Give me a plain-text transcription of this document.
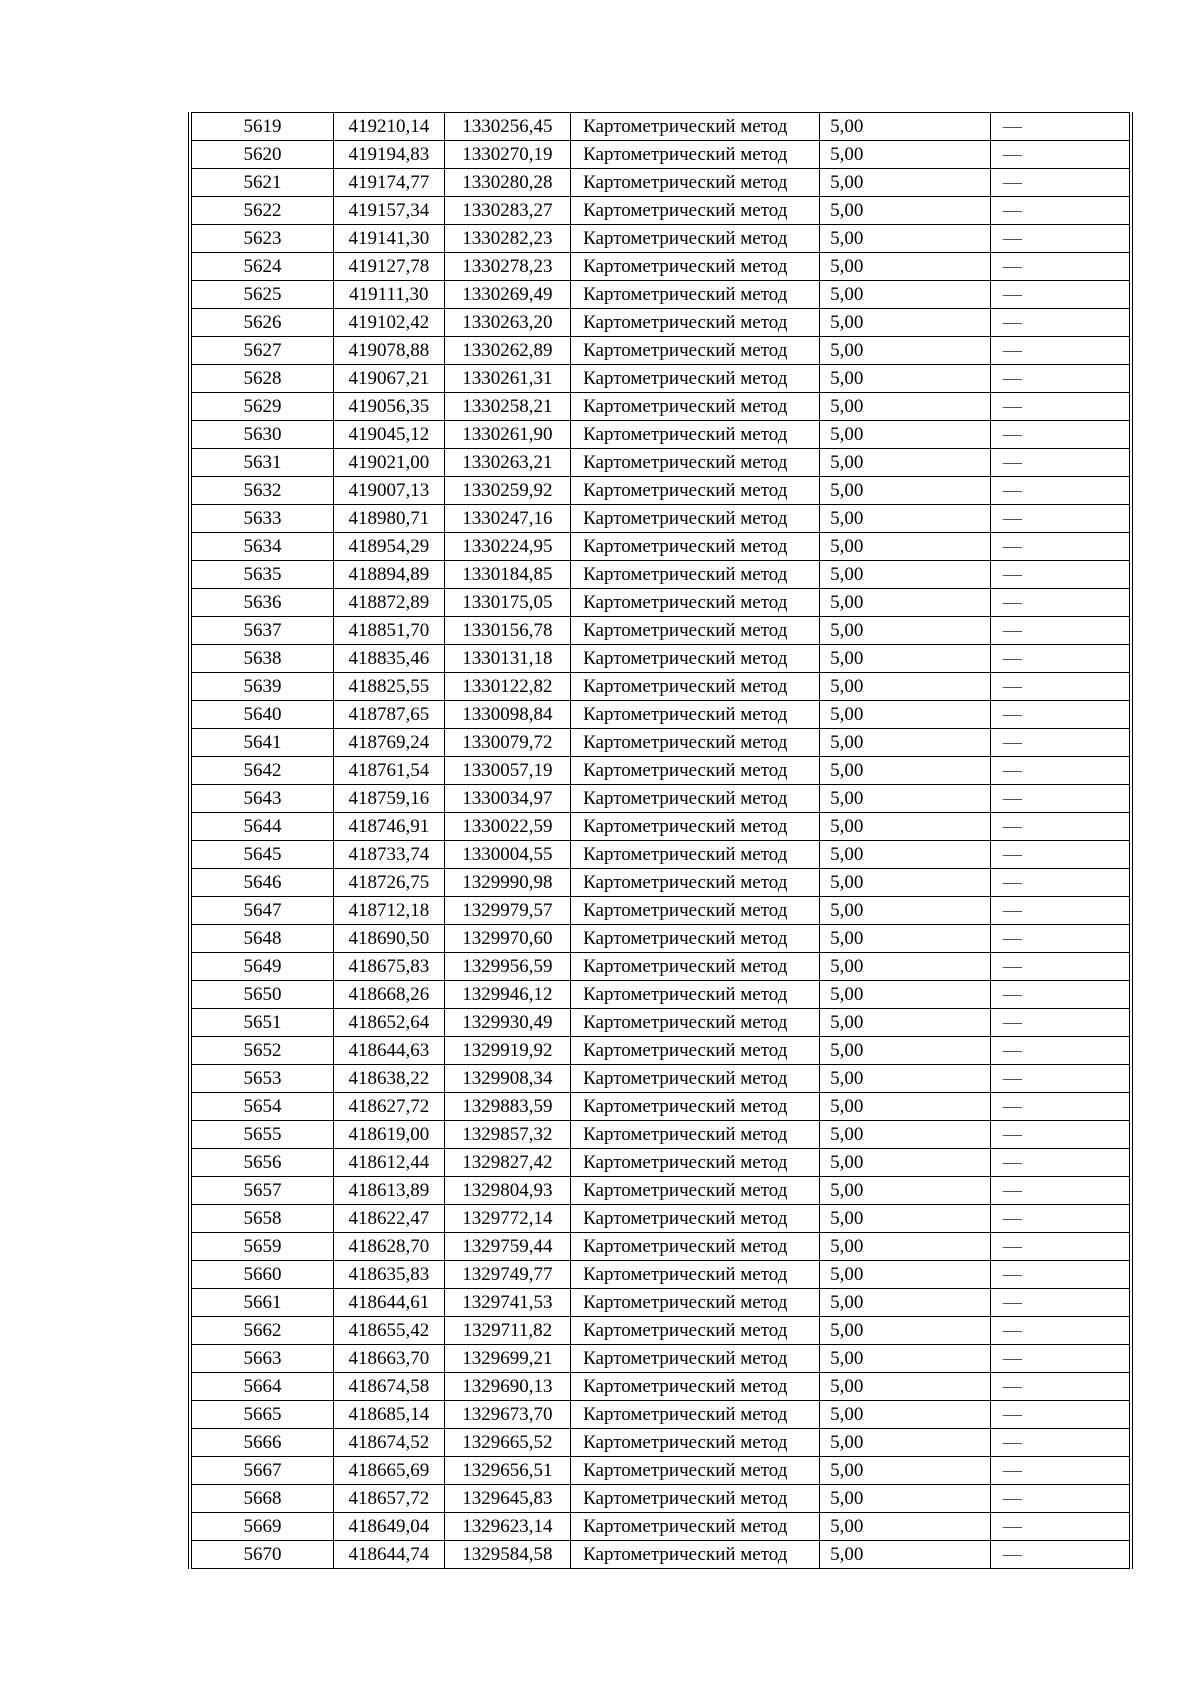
5619	419210,14	1330256,45	Картометрический метод	5,00	—
5620	419194,83	1330270,19	Картометрический метод	5,00	—
5621	419174,77	1330280,28	Картометрический метод	5,00	—
5622	419157,34	1330283,27	Картометрический метод	5,00	—
5623	419141,30	1330282,23	Картометрический метод	5,00	—
5624	419127,78	1330278,23	Картометрический метод	5,00	—
5625	419111,30	1330269,49	Картометрический метод	5,00	—
5626	419102,42	1330263,20	Картометрический метод	5,00	—
5627	419078,88	1330262,89	Картометрический метод	5,00	—
5628	419067,21	1330261,31	Картометрический метод	5,00	—
5629	419056,35	1330258,21	Картометрический метод	5,00	—
5630	419045,12	1330261,90	Картометрический метод	5,00	—
5631	419021,00	1330263,21	Картометрический метод	5,00	—
5632	419007,13	1330259,92	Картометрический метод	5,00	—
5633	418980,71	1330247,16	Картометрический метод	5,00	—
5634	418954,29	1330224,95	Картометрический метод	5,00	—
5635	418894,89	1330184,85	Картометрический метод	5,00	—
5636	418872,89	1330175,05	Картометрический метод	5,00	—
5637	418851,70	1330156,78	Картометрический метод	5,00	—
5638	418835,46	1330131,18	Картометрический метод	5,00	—
5639	418825,55	1330122,82	Картометрический метод	5,00	—
5640	418787,65	1330098,84	Картометрический метод	5,00	—
5641	418769,24	1330079,72	Картометрический метод	5,00	—
5642	418761,54	1330057,19	Картометрический метод	5,00	—
5643	418759,16	1330034,97	Картометрический метод	5,00	—
5644	418746,91	1330022,59	Картометрический метод	5,00	—
5645	418733,74	1330004,55	Картометрический метод	5,00	—
5646	418726,75	1329990,98	Картометрический метод	5,00	—
5647	418712,18	1329979,57	Картометрический метод	5,00	—
5648	418690,50	1329970,60	Картометрический метод	5,00	—
5649	418675,83	1329956,59	Картометрический метод	5,00	—
5650	418668,26	1329946,12	Картометрический метод	5,00	—
5651	418652,64	1329930,49	Картометрический метод	5,00	—
5652	418644,63	1329919,92	Картометрический метод	5,00	—
5653	418638,22	1329908,34	Картометрический метод	5,00	—
5654	418627,72	1329883,59	Картометрический метод	5,00	—
5655	418619,00	1329857,32	Картометрический метод	5,00	—
5656	418612,44	1329827,42	Картометрический метод	5,00	—
5657	418613,89	1329804,93	Картометрический метод	5,00	—
5658	418622,47	1329772,14	Картометрический метод	5,00	—
5659	418628,70	1329759,44	Картометрический метод	5,00	—
5660	418635,83	1329749,77	Картометрический метод	5,00	—
5661	418644,61	1329741,53	Картометрический метод	5,00	—
5662	418655,42	1329711,82	Картометрический метод	5,00	—
5663	418663,70	1329699,21	Картометрический метод	5,00	—
5664	418674,58	1329690,13	Картометрический метод	5,00	—
5665	418685,14	1329673,70	Картометрический метод	5,00	—
5666	418674,52	1329665,52	Картометрический метод	5,00	—
5667	418665,69	1329656,51	Картометрический метод	5,00	—
5668	418657,72	1329645,83	Картометрический метод	5,00	—
5669	418649,04	1329623,14	Картометрический метод	5,00	—
5670	418644,74	1329584,58	Картометрический метод	5,00	—
